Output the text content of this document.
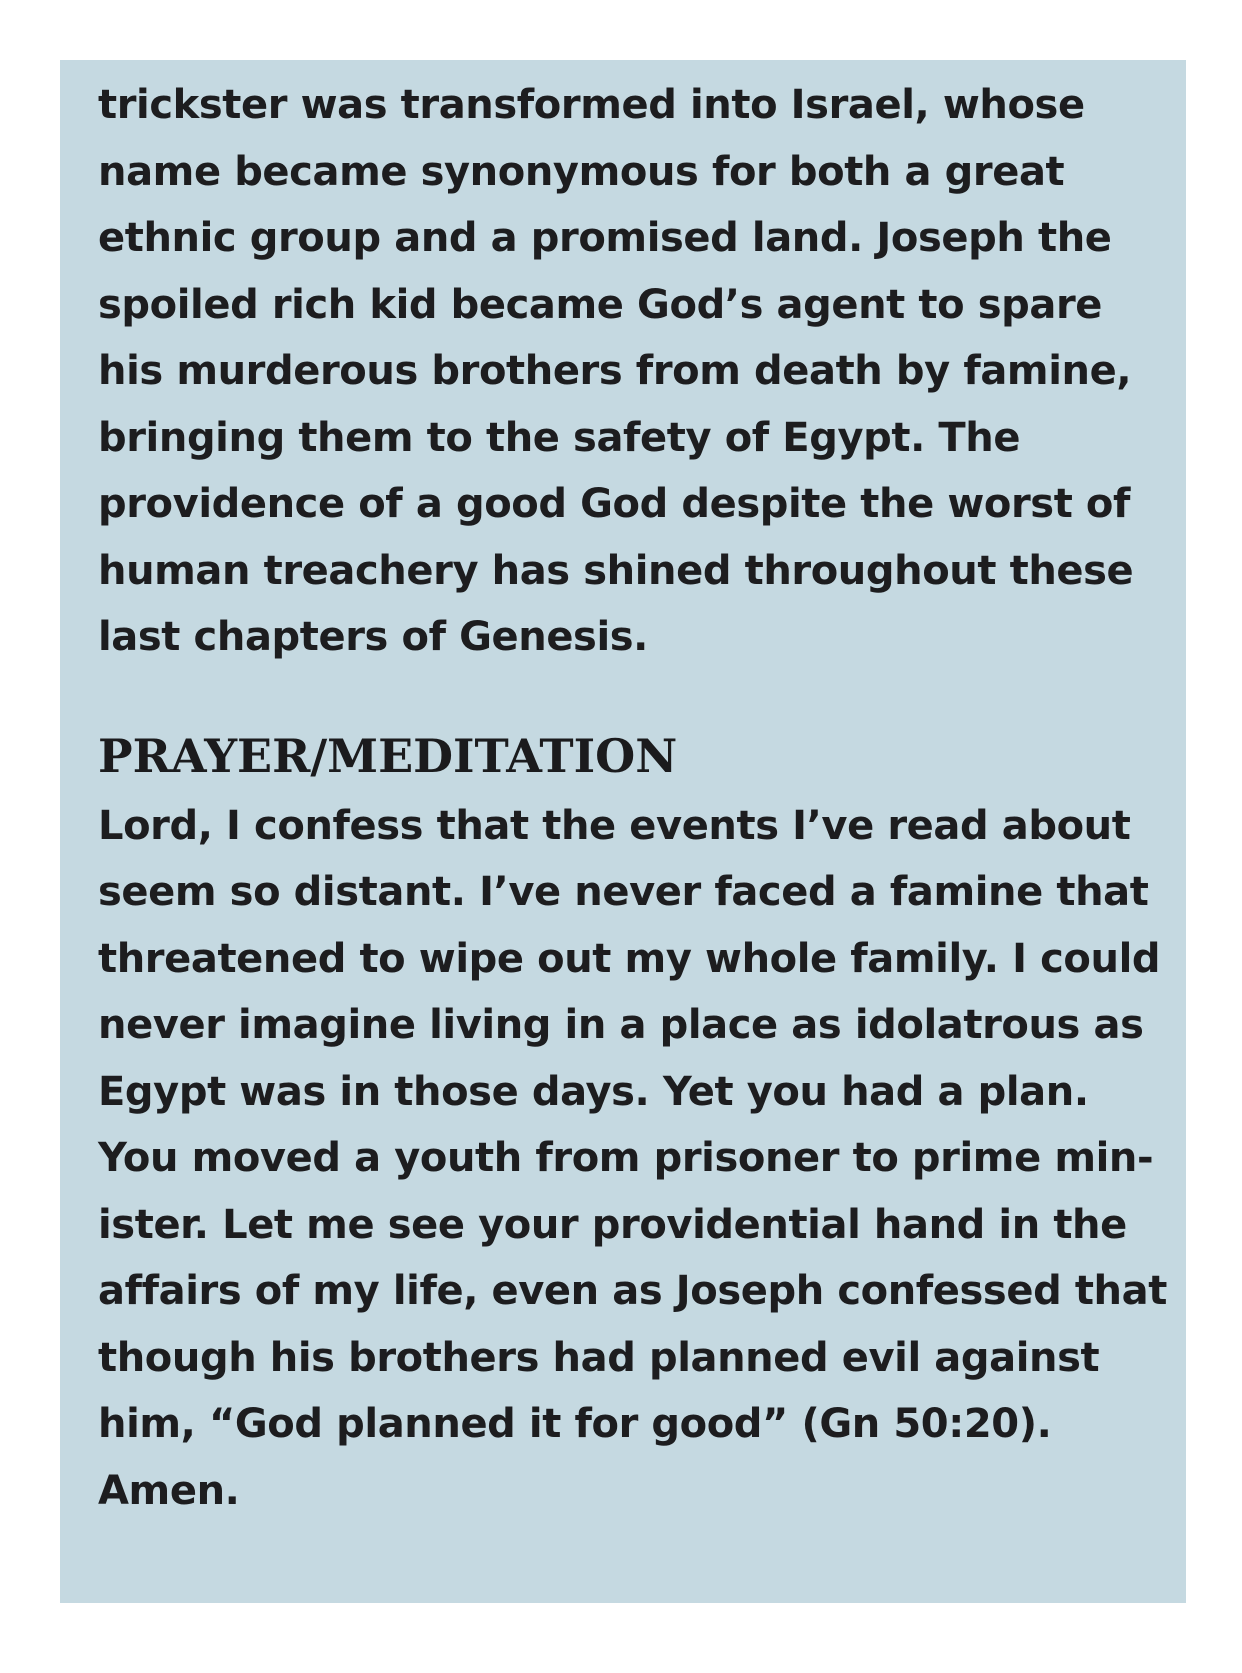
trickster was transformed into Israel, whose
name became synonymous for both a great
ethnic group and a promised land. Joseph the
spoiled rich kid became God’s agent to spare
his murderous brothers from death by famine,
bringing them to the safety of Egypt. The
providence of a good God despite the worst of
human treachery has shined throughout these
last chapters of Genesis.
PRAYER/MEDITATION
Lord, I confess that the events I’ve read about
seem so distant. I’ve never faced a famine that
threatened to wipe out my whole family. I could
never imagine living in a place as idolatrous as
Egypt was in those days. Yet you had a plan.
You moved a youth from prisoner to prime min-
ister. Let me see your providential hand in the
affairs of my life, even as Joseph confessed that
though his brothers had planned evil against
him, “God planned it for good” (Gn 50:20).
Amen.
